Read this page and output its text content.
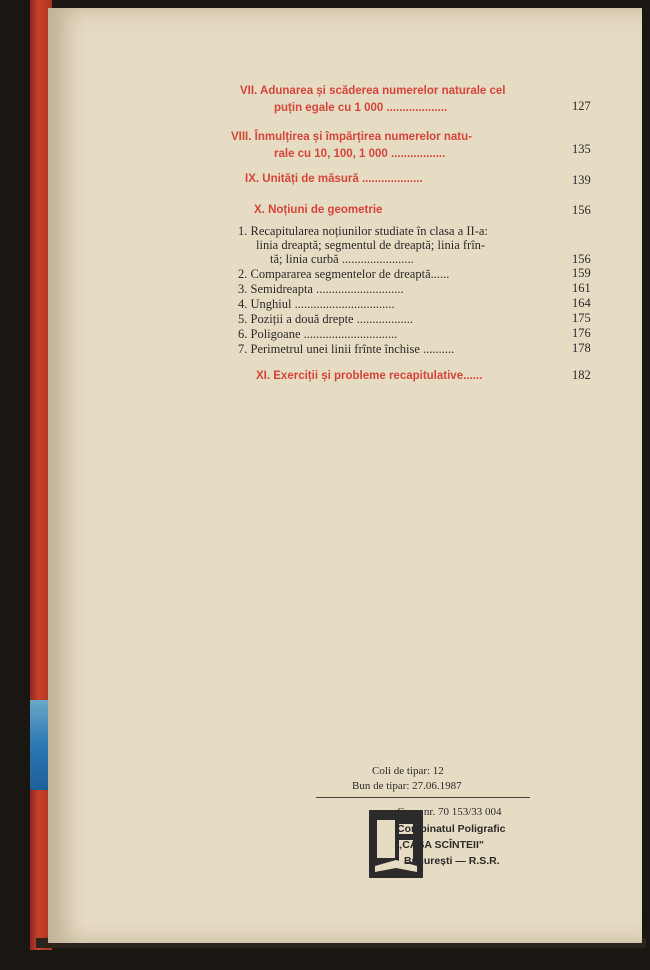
VII. Adunarea și scăderea numerelor naturale cel
puțin egale cu 1 000 ...................	127
VIII. Înmulțirea și împărțirea numerelor natu-
rale cu 10, 100, 1 000 .................	135
IX. Unități de măsură ...................	139
X. Noțiuni de geometrie	156
1. Recapitularea noțiunilor studiate în clasa a II-a:
linia dreaptă; segmentul de dreaptă; linia frîn-
tă; linia curbă .......................	156
2. Compararea segmentelor de dreaptă......	159
3. Semidreapta ............................	161
4. Unghiul ................................	164
5. Poziții a două drepte ..................	175
6. Poligoane ..............................	176
7. Perimetrul unei linii frînte închise ..........	178
XI. Exerciții și probleme recapitulative......	182
Coli de tipar: 12
Bun de tipar: 27.06.1987
Com. nr. 70 153/33 004
Combinatul Poligrafic
„CASA SCÎNTEII"
București — R.S.R.
